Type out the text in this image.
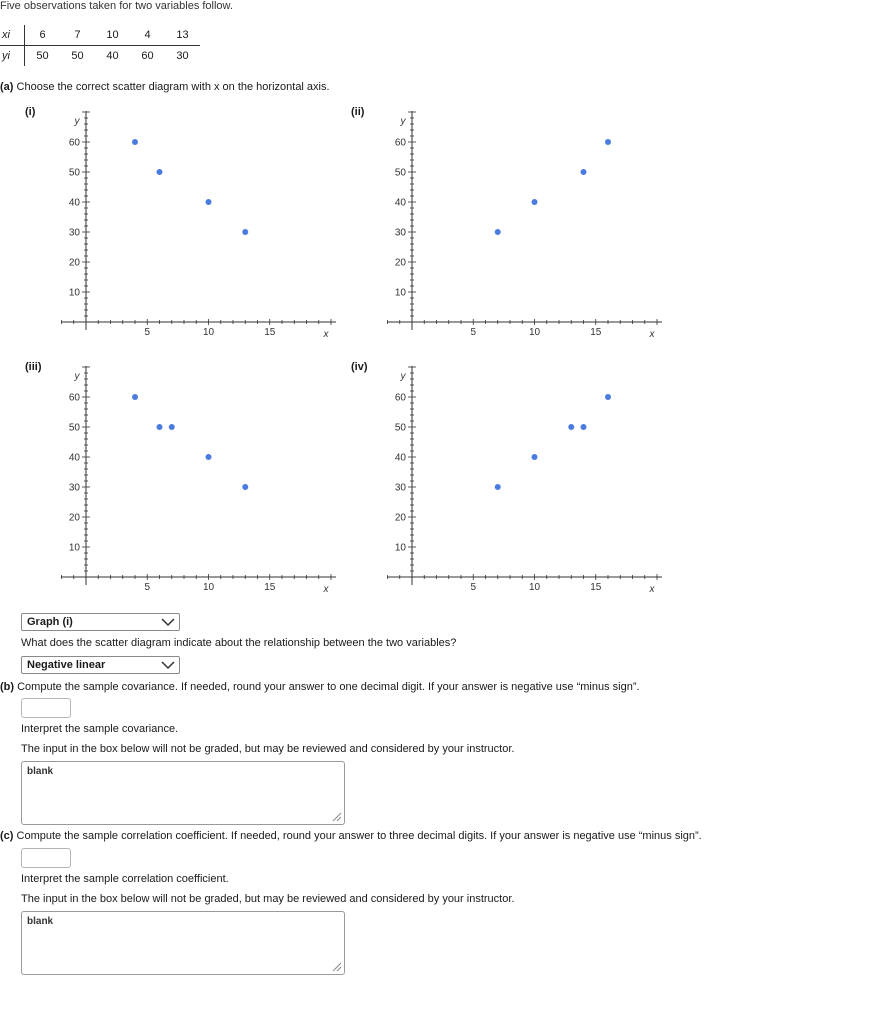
Five observations taken for two variables follow.
xi	6	7	10	4	13
yi	50	50	40	60	30
(a) Choose the correct scatter diagram with x on the horizontal axis.
(i)	(ii)
(iii)	(iv)
5	10	15
10
20
30
40
50
60
x
y
5	10	15
10
20
30
40
50
60
x
y
5	10	15
10
20
30
40
50
60
x
y
5	10	15
10
20
30
40
50
60
x
y
Graph (i)
What does the scatter diagram indicate about the relationship between the two variables?
Negative linear
(b) Compute the sample covariance. If needed, round your answer to one decimal digit. If your answer is negative use “minus sign”.
Interpret the sample covariance.
The input in the box below will not be graded, but may be reviewed and considered by your instructor.
blank
(c) Compute the sample correlation coefficient. If needed, round your answer to three decimal digits. If your answer is negative use “minus sign”.
Interpret the sample correlation coefficient.
The input in the box below will not be graded, but may be reviewed and considered by your instructor.
blank
